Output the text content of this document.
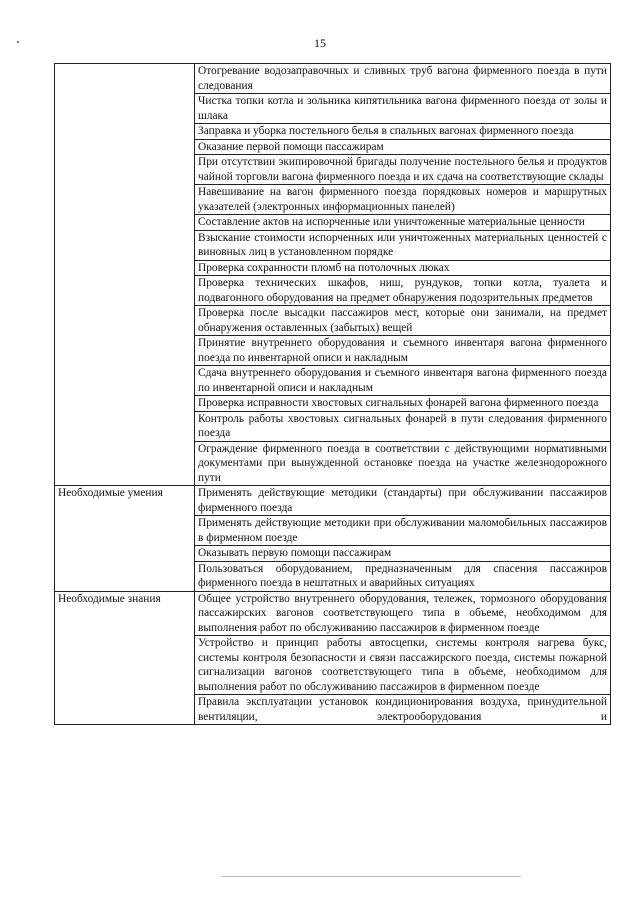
15
	Отогревание водозаправочных и сливных труб вагона фирменного поезда в пути следования
	Чистка топки котла и зольника кипятильника вагона фирменного поезда от золы и шлака
	Заправка и уборка постельного белья в спальных вагонах фирменного поезда
	Оказание первой помощи пассажирам
	При отсутствии экипировочной бригады получение постельного белья и продуктов чайной торговли вагона фирменного поезда и их сдача на соответствующие склады
	Навешивание на вагон фирменного поезда порядковых номеров и маршрутных указателей (электронных информационных панелей)
	Составление актов на испорченные или уничтоженные материальные ценности
	Взыскание стоимости испорченных или уничтоженных материальных ценностей с виновных лиц в установленном порядке
	Проверка сохранности пломб на потолочных люках
	Проверка технических шкафов, ниш, рундуков, топки котла, туалета и подвагонного оборудования на предмет обнаружения подозрительных предметов
	Проверка после высадки пассажиров мест, которые они занимали, на предмет обнаружения оставленных (забытых) вещей
	Принятие внутреннего оборудования и съемного инвентаря вагона фирменного поезда по инвентарной описи и накладным
	Сдача внутреннего оборудования и съемного инвентаря вагона фирменного поезда по инвентарной описи и накладным
	Проверка исправности хвостовых сигнальных фонарей вагона фирменного поезда
	Контроль работы хвостовых сигнальных фонарей в пути следования фирменного поезда
	Ограждение фирменного поезда в соответствии с действующими нормативными документами при вынужденной остановке поезда на участке железнодорожного пути
Необходимые умения	Применять действующие методики (стандарты) при обслуживании пассажиров фирменного поезда
	Применять действующие методики при обслуживании маломобильных пассажиров в фирменном поезде
	Оказывать первую помощи пассажирам
	Пользоваться оборудованием, предназначенным для спасения пассажиров фирменного поезда в нештатных и аварийных ситуациях
Необходимые знания	Общее устройство внутреннего оборудования, тележек, тормозного оборудования пассажирских вагонов соответствующего типа в объеме, необходимом для выполнения работ по обслуживанию пассажиров в фирменном поезде
	Устройство и принцип работы автосцепки, системы контроля нагрева букс, системы контроля безопасности и связи пассажирского поезда, системы пожарной сигнализации вагонов соответствующего типа в объеме, необходимом для выполнения работ по обслуживанию пассажиров в фирменном поезде
	Правила эксплуатации установок кондиционирования воздуха, принудительной вентиляции, электрооборудования и
